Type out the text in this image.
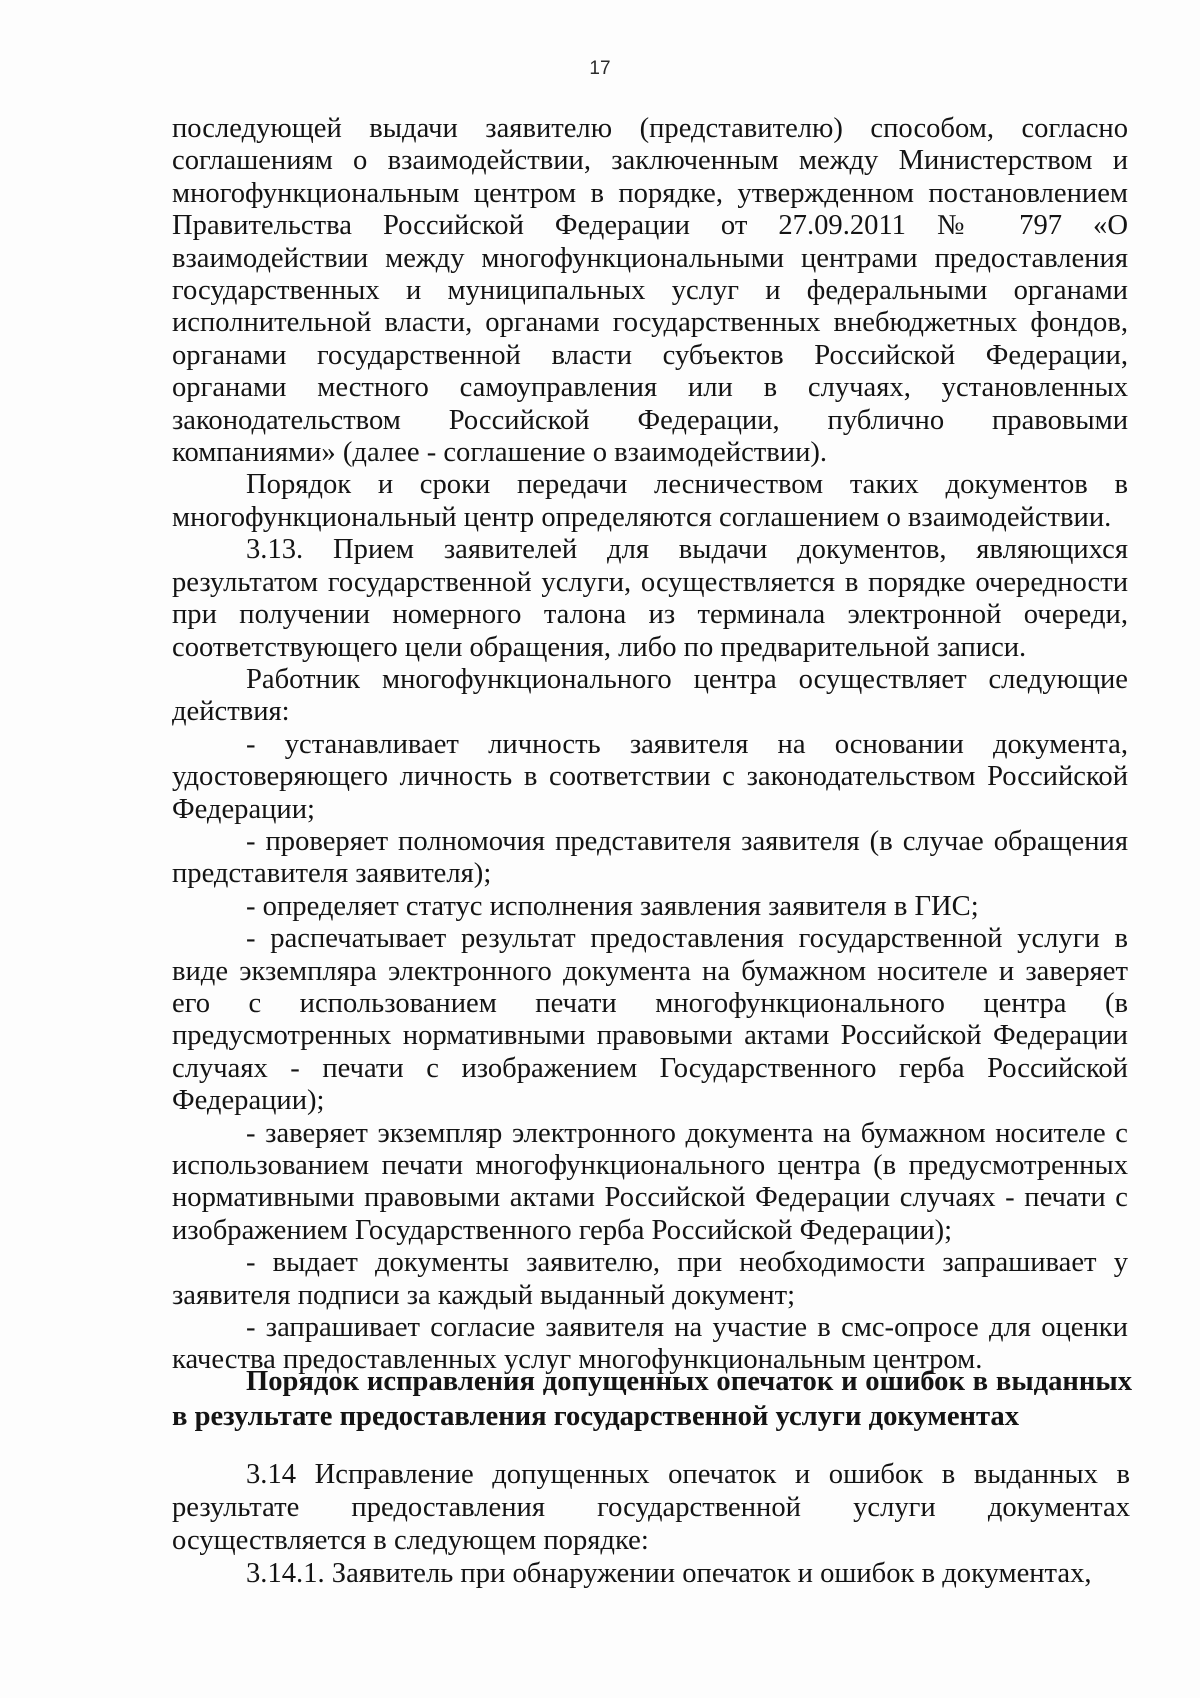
17

последующей выдачи заявителю (представителю) способом, согласно соглашениям о взаимодействии, заключенным между Министерством и многофункциональным центром в порядке, утвержденном постановлением Правительства Российской Федерации от 27.09.2011 № 797 «О взаимодействии между многофункциональными центрами предоставления государственных и муниципальных услуг и федеральными органами исполнительной власти, органами государственных внебюджетных фондов, органами государственной власти субъектов Российской Федерации, органами местного самоуправления или в случаях, установленных законодательством Российской Федерации, публично правовыми компаниями» (далее - соглашение о взаимодействии).

Порядок и сроки передачи лесничеством таких документов в многофункциональный центр определяются соглашением о взаимодействии.

3.13. Прием заявителей для выдачи документов, являющихся результатом государственной услуги, осуществляется в порядке очередности при получении номерного талона из терминала электронной очереди, соответствующего цели обращения, либо по предварительной записи.

Работник многофункционального центра осуществляет следующие действия:

- устанавливает личность заявителя на основании документа, удостоверяющего личность в соответствии с законодательством Российской Федерации;

- проверяет полномочия представителя заявителя (в случае обращения представителя заявителя);

- определяет статус исполнения заявления заявителя в ГИС;

- распечатывает результат предоставления государственной услуги в виде экземпляра электронного документа на бумажном носителе и заверяет его с использованием печати многофункционального центра (в предусмотренных нормативными правовыми актами Российской Федерации случаях - печати с изображением Государственного герба Российской Федерации);

- заверяет экземпляр электронного документа на бумажном носителе с использованием печати многофункционального центра (в предусмотренных нормативными правовыми актами Российской Федерации случаях - печати с изображением Государственного герба Российской Федерации);

- выдает документы заявителю, при необходимости запрашивает у заявителя подписи за каждый выданный документ;

- запрашивает согласие заявителя на участие в смс-опросе для оценки качества предоставленных услуг многофункциональным центром.

Порядок исправления допущенных опечаток и ошибок в выданных в результате предоставления государственной услуги документах

3.14 Исправление допущенных опечаток и ошибок в выданных в результате предоставления государственной услуги документах осуществляется в следующем порядке:

3.14.1. Заявитель при обнаружении опечаток и ошибок в документах,
